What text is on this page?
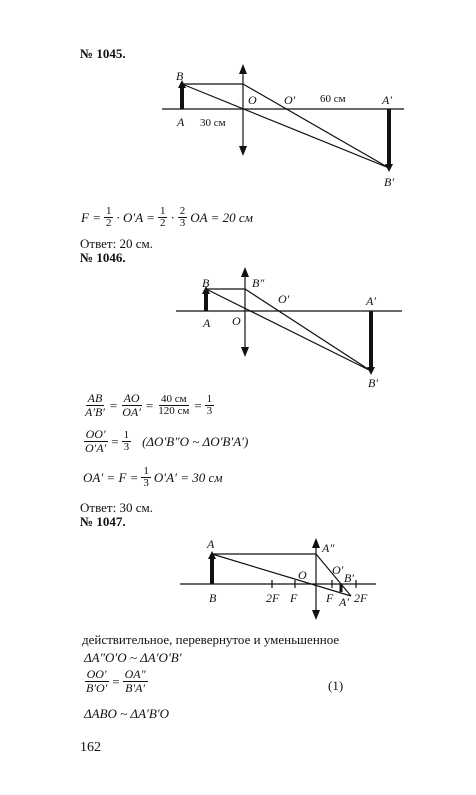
№ 1045.
B
A
O O′	A′
B′
30 см
60 см
$F = \frac{1}{2} \cdot O'A = \frac{1}{2} \cdot \frac{2}{3}$ OA = 20 см
Ответ: 20 см.
№ 1046.
B
A O
B″
O′	A′
B′
$\frac{AB}{A'B'} = \frac{AO}{OA'} = \frac{40 см}{120 см} = \frac{1}{3}$
$\frac{OO'}{O'A'} = \frac{1}{3} (\Delta O'B''O$ ~ ΔO′B′A′)
$OA' = F = \frac{1}{3} O'A' = 30$ см
Ответ: 30 см.
№ 1047.
A	A″
B	2F F
O O′
F
B′
A′ 2F
действительное, перевернутое и уменьшенное
ΔA″O′O ~ ΔA′O′B′
$\frac{OO'}{B'O'} = \frac{OA''}{B'A'}$	(1)
ΔABO ~ ΔA′B′O
162
